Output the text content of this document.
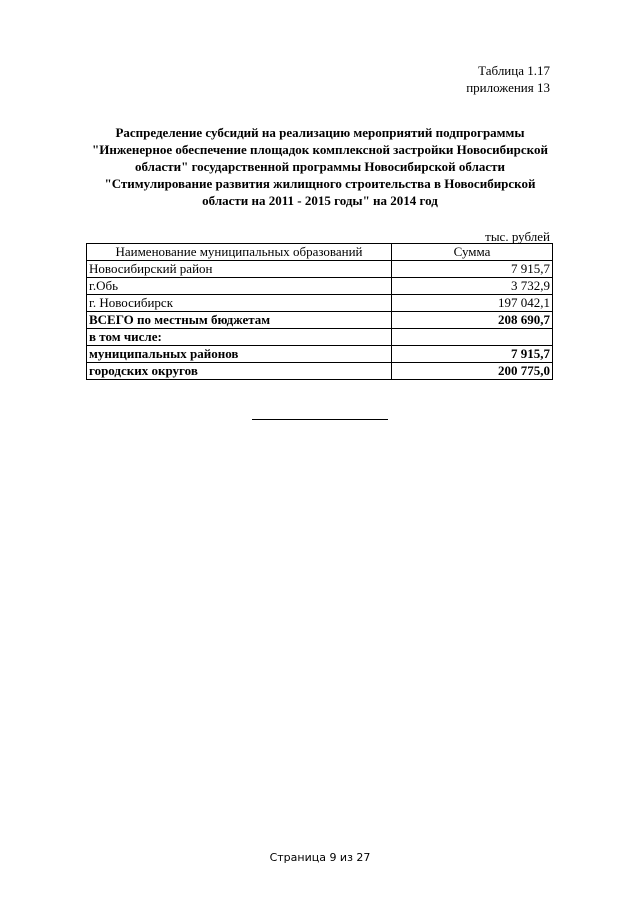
Таблица 1.17
приложения 13
Распределение субсидий на реализацию мероприятий подпрограммы
"Инженерное обеспечение площадок комплексной застройки Новосибирской
области" государственной программы Новосибирской области
"Стимулирование развития жилищного строительства в Новосибирской
области на 2011 - 2015 годы" на 2014 год
тыс. рублей
Наименование муниципальных образований	Сумма
Новосибирский район	7 915,7
г.Обь	3 732,9
г. Новосибирск	197 042,1
ВСЕГО по местным бюджетам	208 690,7
в том числе:	
муниципальных районов	7 915,7
городских округов	200 775,0
Страница 9 из 27
